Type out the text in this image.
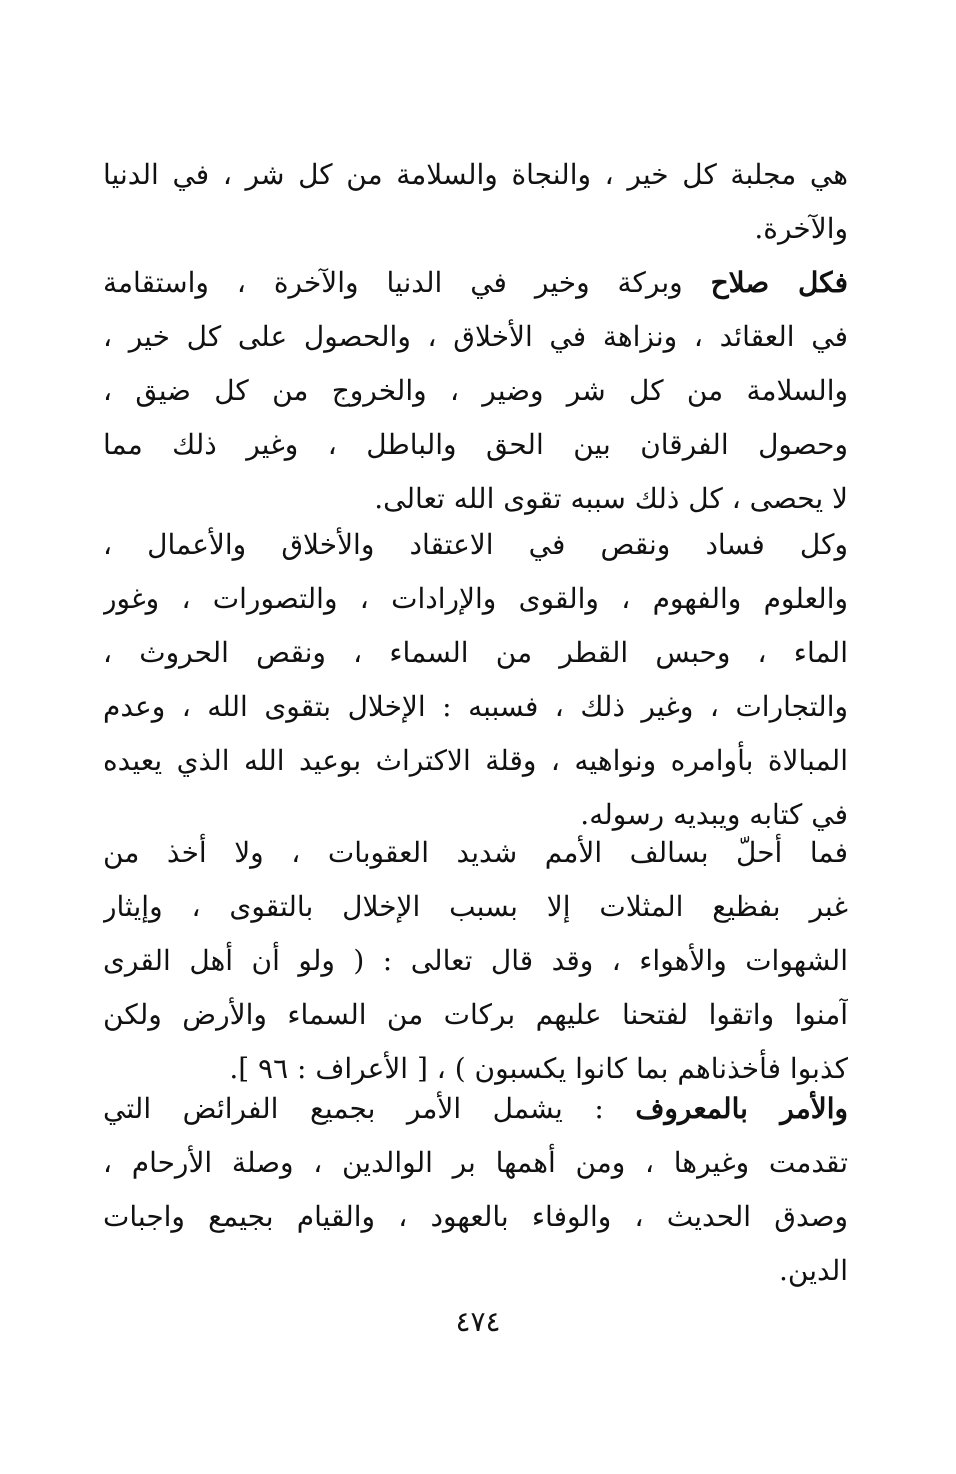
هي مجلبة كل خير ، والنجاة والسلامة من كل شر ، في الدنيا
والآخرة.
فكل صلاح وبركة وخير في الدنيا والآخرة ، واستقامة
في العقائد ، ونزاهة في الأخلاق ، والحصول على كل خير ،
والسلامة من كل شر وضير ، والخروج من كل ضيق ،
وحصول الفرقان بين الحق والباطل ، وغير ذلك مما
لا يحصى ، كل ذلك سببه تقوى الله تعالى.
وكل فساد ونقص في الاعتقاد والأخلاق والأعمال ،
والعلوم والفهوم ، والقوى والإرادات ، والتصورات ، وغور
الماء ، وحبس القطر من السماء ، ونقص الحروث ،
والتجارات ، وغير ذلك ، فسببه : الإخلال بتقوى الله ، وعدم
المبالاة بأوامره ونواهيه ، وقلة الاكتراث بوعيد الله الذي يعيده
في كتابه ويبديه رسوله.
فما أحلّ بسالف الأمم شديد العقوبات ، ولا أخذ من
غبر بفظيع المثلات إلا بسبب الإخلال بالتقوى ، وإيثار
الشهوات والأهواء ، وقد قال تعالى : ( ولو أن أهل القرى
آمنوا واتقوا لفتحنا عليهم بركات من السماء والأرض ولكن
كذبوا فأخذناهم بما كانوا يكسبون ) ، [ الأعراف : ٩٦ ].
والأمر بالمعروف : يشمل الأمر بجميع الفرائض التي
تقدمت وغيرها ، ومن أهمها بر الوالدين ، وصلة الأرحام ،
وصدق الحديث ، والوفاء بالعهود ، والقيام بجيمع واجبات
الدين.
٤٧٤
